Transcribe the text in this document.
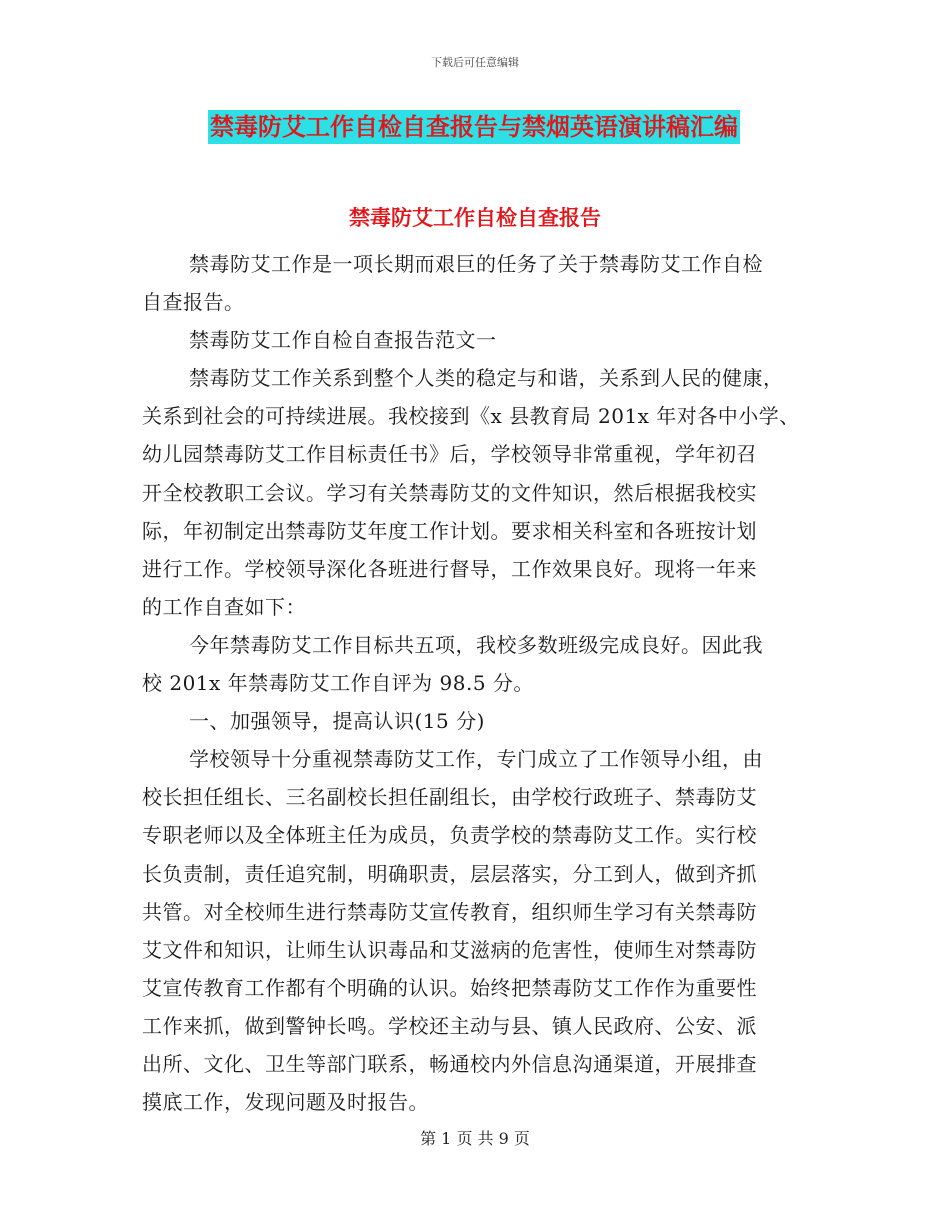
下载后可任意编辑
禁毒防艾工作自检自查报告与禁烟英语演讲稿汇编
禁毒防艾工作自检自查报告
禁毒防艾工作是一项长期而艰巨的任务了关于禁毒防艾工作自检
自查报告。
禁毒防艾工作自检自查报告范文一
禁毒防艾工作关系到整个人类的稳定与和谐，关系到人民的健康，
关系到社会的可持续进展。我校接到《x 县教育局 201x 年对各中小学、
幼儿园禁毒防艾工作目标责任书》后，学校领导非常重视，学年初召
开全校教职工会议。学习有关禁毒防艾的文件知识，然后根据我校实
际，年初制定出禁毒防艾年度工作计划。要求相关科室和各班按计划
进行工作。学校领导深化各班进行督导，工作效果良好。现将一年来
的工作自查如下：
今年禁毒防艾工作目标共五项，我校多数班级完成良好。因此我
校 201x 年禁毒防艾工作自评为 98.5 分。
一、加强领导，提高认识(15 分)
学校领导十分重视禁毒防艾工作，专门成立了工作领导小组，由
校长担任组长、三名副校长担任副组长，由学校行政班子、禁毒防艾
专职老师以及全体班主任为成员，负责学校的禁毒防艾工作。实行校
长负责制，责任追究制，明确职责，层层落实，分工到人，做到齐抓
共管。对全校师生进行禁毒防艾宣传教育，组织师生学习有关禁毒防
艾文件和知识，让师生认识毒品和艾滋病的危害性，使师生对禁毒防
艾宣传教育工作都有个明确的认识。始终把禁毒防艾工作作为重要性
工作来抓，做到警钟长鸣。学校还主动与县、镇人民政府、公安、派
出所、文化、卫生等部门联系，畅通校内外信息沟通渠道，开展排查
摸底工作，发现问题及时报告。
第 1 页 共 9 页
